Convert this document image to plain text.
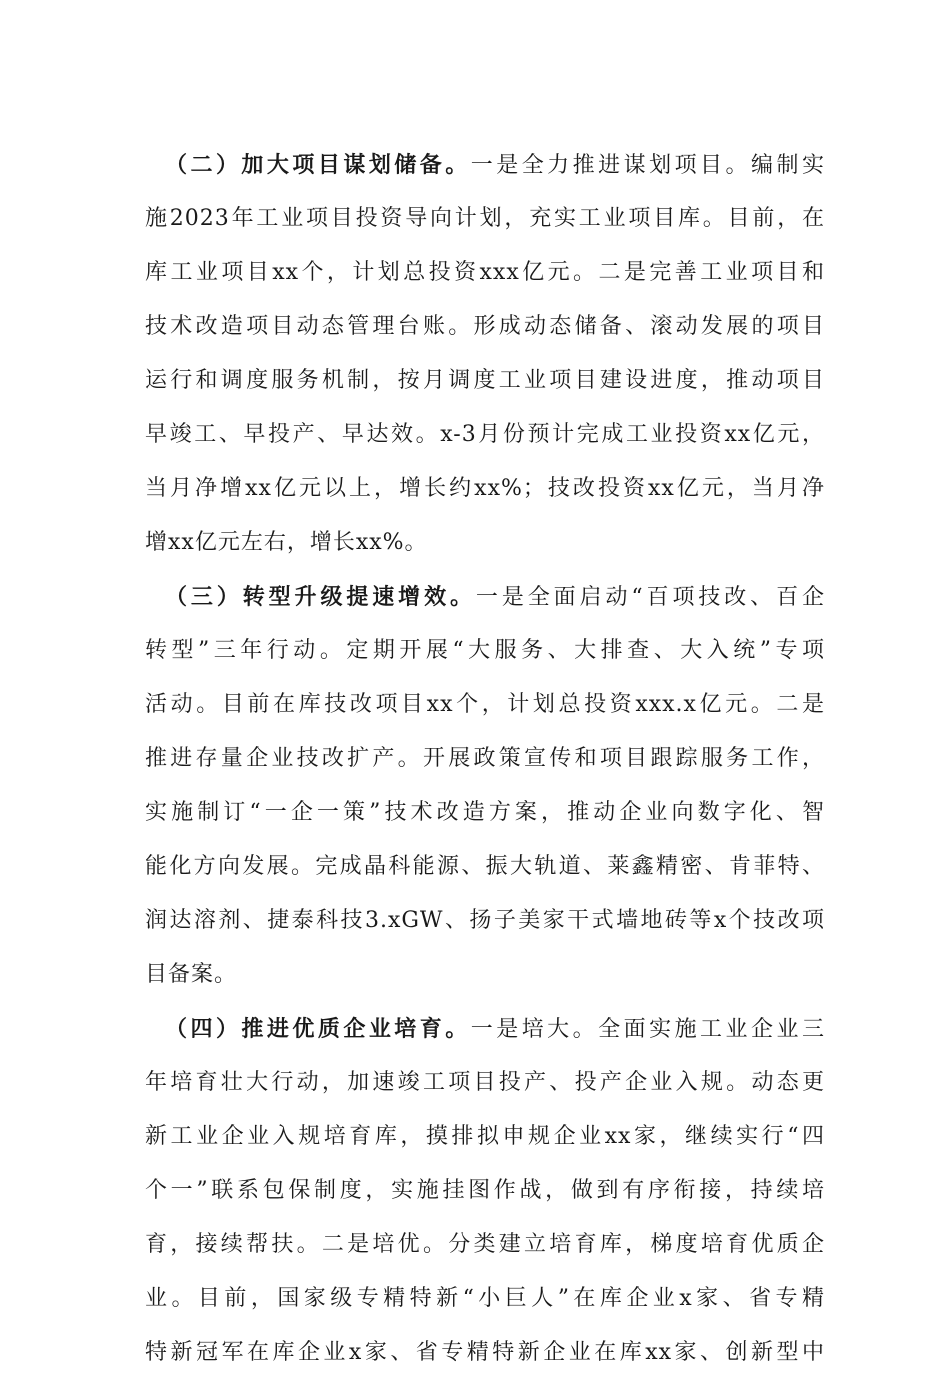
（二）加大项目谋划储备。一是全力推进谋划项目。编制实
施2023年工业项目投资导向计划，充实工业项目库。目前，在
库工业项目xx个，计划总投资xxx亿元。二是完善工业项目和
技术改造项目动态管理台账。形成动态储备、滚动发展的项目
运行和调度服务机制，按月调度工业项目建设进度，推动项目
早竣工、早投产、早达效。x-3月份预计完成工业投资xx亿元，
当月净增xx亿元以上，增长约xx%；技改投资xx亿元，当月净
增xx亿元左右，增长xx%。
（三）转型升级提速增效。一是全面启动“百项技改、百企
转型”三年行动。定期开展“大服务、大排查、大入统”专项
活动。目前在库技改项目xx个，计划总投资xxx.x亿元。二是
推进存量企业技改扩产。开展政策宣传和项目跟踪服务工作，
实施制订“一企一策”技术改造方案，推动企业向数字化、智
能化方向发展。完成晶科能源、振大轨道、莱鑫精密、肯菲特、
润达溶剂、捷泰科技3.xGW、扬子美家干式墙地砖等x个技改项
目备案。
（四）推进优质企业培育。一是培大。全面实施工业企业三
年培育壮大行动，加速竣工项目投产、投产企业入规。动态更
新工业企业入规培育库，摸排拟申规企业xx家，继续实行“四
个一”联系包保制度，实施挂图作战，做到有序衔接，持续培
育，接续帮扶。二是培优。分类建立培育库，梯度培育优质企
业。目前，国家级专精特新“小巨人”在库企业x家、省专精
特新冠军在库企业x家、省专精特新企业在库xx家、创新型中
